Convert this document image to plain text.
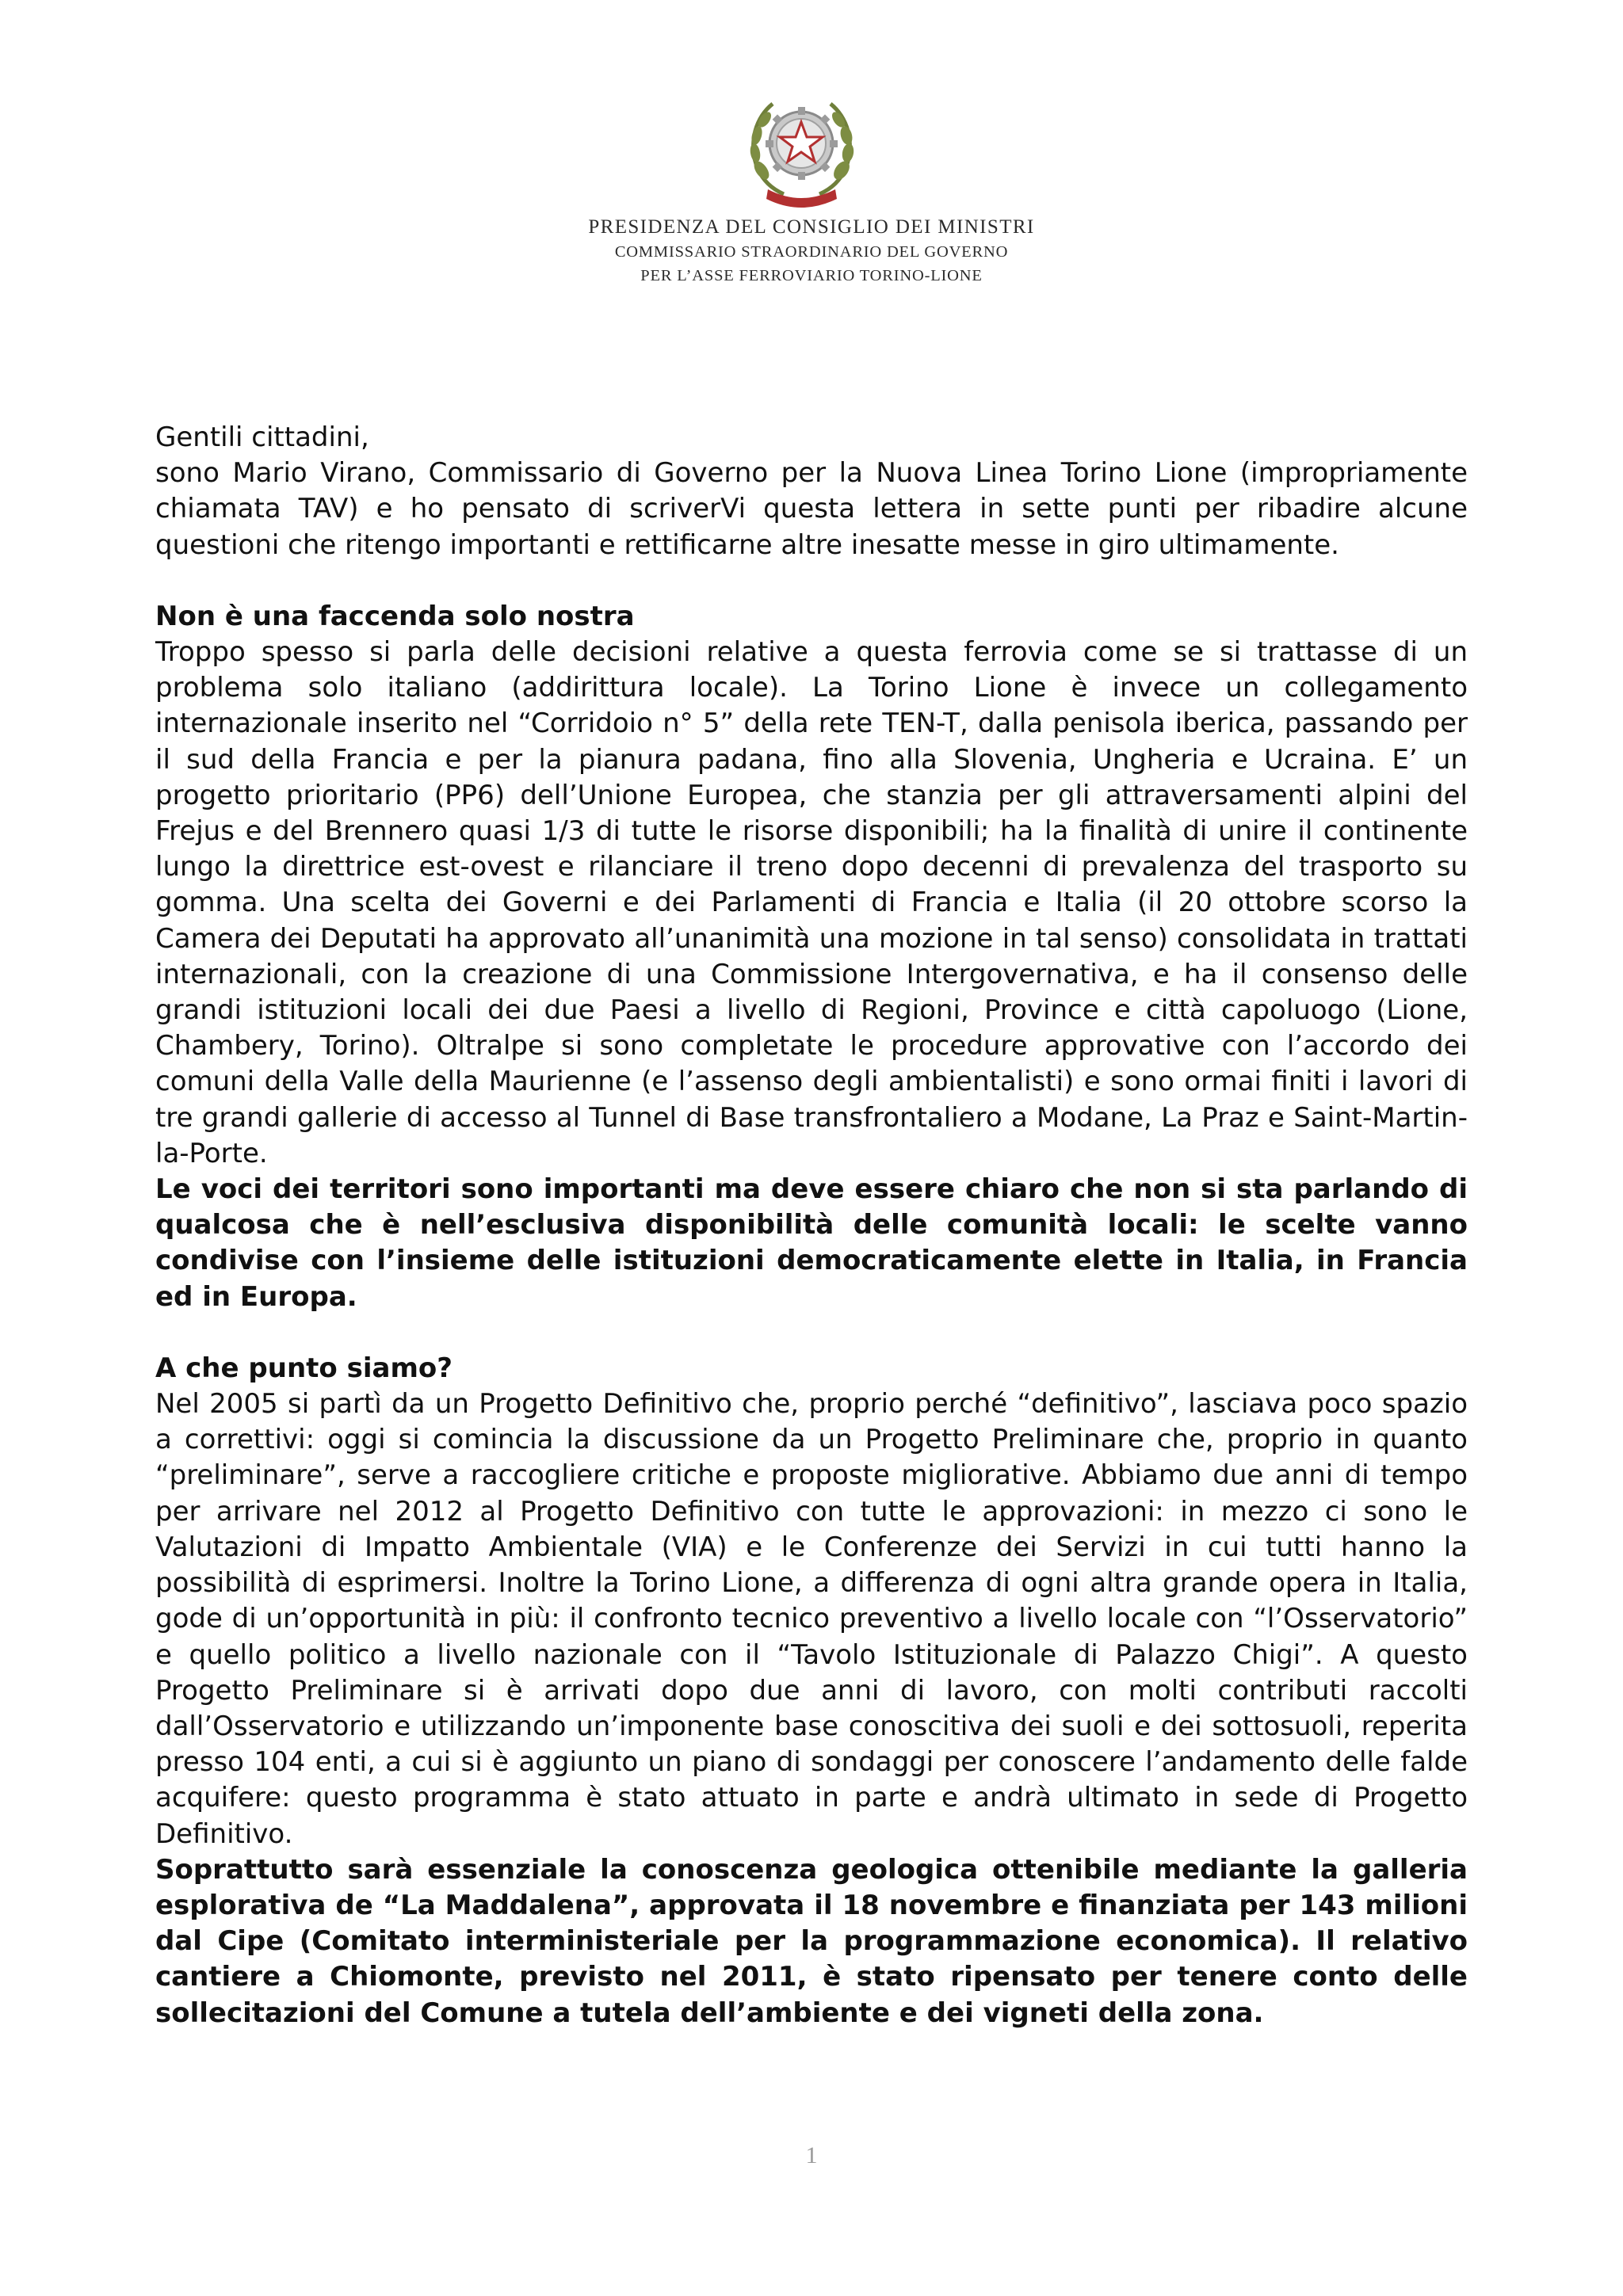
PRESIDENZA DEL CONSIGLIO DEI MINISTRI
COMMISSARIO STRAORDINARIO DEL GOVERNO
PER L’ASSE FERROVIARIO TORINO-LIONE
Gentili cittadini,
sono Mario Virano, Commissario di Governo per la Nuova Linea Torino Lione (impropriamente chiamata TAV) e ho pensato di scriverVi questa lettera in sette punti per ribadire alcune questioni che ritengo importanti e rettificarne altre inesatte messe in giro ultimamente.
Non è una faccenda solo nostra
Troppo spesso si parla delle decisioni relative a questa ferrovia come se si trattasse di un problema solo italiano (addirittura locale). La Torino Lione è invece un collegamento internazionale inserito nel “Corridoio n° 5” della rete TEN-T, dalla penisola iberica, passando per il sud della Francia e per la pianura padana, fino alla Slovenia, Ungheria e Ucraina. E’ un progetto prioritario (PP6) dell’Unione Europea, che stanzia per gli attraversamenti alpini del Frejus e del Brennero quasi 1/3 di tutte le risorse disponibili; ha la finalità di unire il continente lungo la direttrice est-ovest e rilanciare il treno dopo decenni di prevalenza del trasporto su gomma. Una scelta dei Governi e dei Parlamenti di Francia e Italia (il 20 ottobre scorso la Camera dei Deputati ha approvato all’unanimità una mozione in tal senso) consolidata in trattati internazionali, con la creazione di una Commissione Intergovernativa, e ha il consenso delle grandi istituzioni locali dei due Paesi a livello di Regioni, Province e città capoluogo (Lione, Chambery, Torino). Oltralpe si sono completate le procedure approvative con l’accordo dei comuni della Valle della Maurienne (e l’assenso degli ambientalisti) e sono ormai finiti i lavori di tre grandi gallerie di accesso al Tunnel di Base transfrontaliero a Modane, La Praz e Saint-Martin-la-Porte.
Le voci dei territori sono importanti ma deve essere chiaro che non si sta parlando di qualcosa che è nell’esclusiva disponibilità delle comunità locali: le scelte vanno condivise con l’insieme delle istituzioni democraticamente elette in Italia, in Francia ed in Europa.
A che punto siamo?
Nel 2005 si partì da un Progetto Definitivo che, proprio perché “definitivo”, lasciava poco spazio a correttivi: oggi si comincia la discussione da un Progetto Preliminare che, proprio in quanto “preliminare”, serve a raccogliere critiche e proposte migliorative. Abbiamo due anni di tempo per arrivare nel 2012 al Progetto Definitivo con tutte le approvazioni: in mezzo ci sono le Valutazioni di Impatto Ambientale (VIA) e le Conferenze dei Servizi in cui tutti hanno la possibilità di esprimersi. Inoltre la Torino Lione, a differenza di ogni altra grande opera in Italia, gode di un’opportunità in più: il confronto tecnico preventivo a livello locale con “l’Osservatorio” e quello politico a livello nazionale con il “Tavolo Istituzionale di Palazzo Chigi”. A questo Progetto Preliminare si è arrivati dopo due anni di lavoro, con molti contributi raccolti dall’Osservatorio e utilizzando un’imponente base conoscitiva dei suoli e dei sottosuoli, reperita presso 104 enti, a cui si è aggiunto un piano di sondaggi per conoscere l’andamento delle falde acquifere: questo programma è stato attuato in parte e andrà ultimato in sede di Progetto Definitivo.
Soprattutto sarà essenziale la conoscenza geologica ottenibile mediante la galleria esplorativa de “La Maddalena”, approvata il 18 novembre e finanziata per 143 milioni dal Cipe (Comitato interministeriale per la programmazione economica). Il relativo cantiere a Chiomonte, previsto nel 2011, è stato ripensato per tenere conto delle sollecitazioni del Comune a tutela dell’ambiente e dei vigneti della zona.
1
